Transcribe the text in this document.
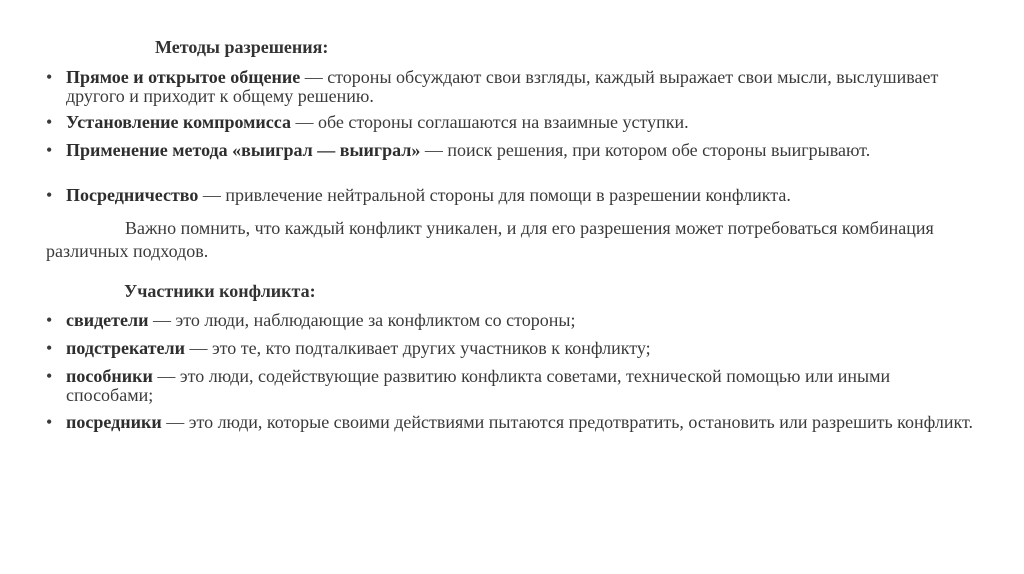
Методы разрешения:
• Прямое и открытое общение — стороны обсуждают свои взгляды, каждый выражает свои мысли, выслушивает другого и приходит к общему решению.
• Установление компромисса — обе стороны соглашаются на взаимные уступки.
• Применение метода «выиграл — выиграл» — поиск решения, при котором обе стороны выигрывают.
• Посредничество — привлечение нейтральной стороны для помощи в разрешении конфликта.
Важно помнить, что каждый конфликт уникален, и для его разрешения может потребоваться комбинация различных подходов.
Участники конфликта:
• свидетели — это люди, наблюдающие за конфликтом со стороны;
• подстрекатели — это те, кто подталкивает других участников к конфликту;
• пособники — это люди, содействующие развитию конфликта советами, технической помощью или иными способами;
• посредники — это люди, которые своими действиями пытаются предотвратить, остановить или разрешить конфликт.
